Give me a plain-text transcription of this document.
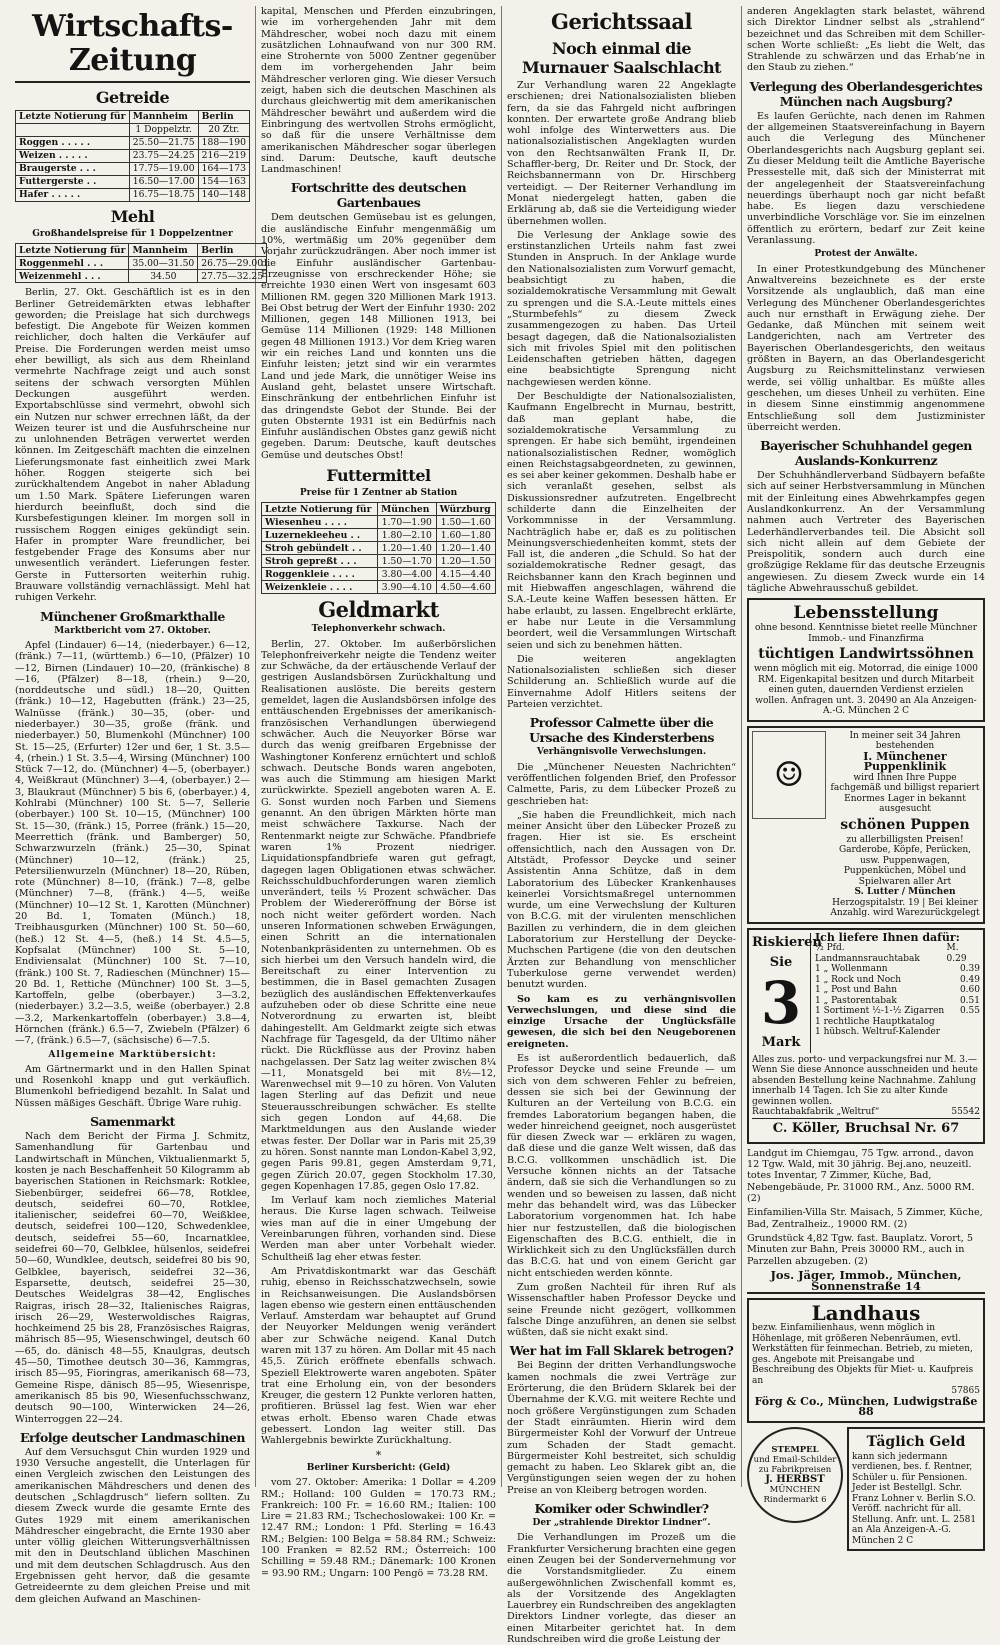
Wirtschafts-Zeitung
Getreide
Letzte Notierung für	Mannheim	Berlin
	1 Doppelztr.	20 Ztr.
Roggen . . . . .	25.50—21.75	188—190
Weizen . . . . .	23.75—24.25	216—219
Braugerste . . .	17.75—19.00	164—173
Futtergerste . .	16.50—17.00	154—163
Hafer . . . . .	16.75—18.75	140—148
Mehl
Großhandelspreise für 1 Doppelzentner
Letzte Notierung für	Mannheim	Berlin
Roggenmehl . . .	35.00—31.50	26.75—29.00
Weizenmehl . . .	34.50	27.75—32.25

Berlin, 27. Okt. Geschäftlich ist es in den Berliner Getreidemärkten etwas lebhafter geworden; die Preislage hat sich durchwegs befestigt. Die Angebote für Weizen kommen reichlicher, doch halten die Verkäufer auf Preise. Die Forderungen werden meist umso eher bewilligt, als sich aus dem Rheinland vermehrte Nachfrage zeigt und auch sonst seitens der schwach versorgten Mühlen Deckungen ausgeführt werden. Exportabschlüsse sind vermehrt, obwohl sich ein Nutzen nur schwer errechnen läßt, da der Weizen teurer ist und die Ausfuhrscheine nur zu unlohnenden Beträgen verwertet werden können. Im Zeitgeschäft machten die einzelnen Lieferungsmonate fast einheitlich zwei Mark höher. Roggen steigerte sich bei zurückhaltendem Angebot in naher Abladung um 1.50 Mark. Spätere Lieferungen waren hierdurch beeinflußt, doch sind die Kursbefestigungen kleiner. Im morgen soll in russischem Roggen einiges gekündigt sein. Hafer in prompter Ware freundlicher, bei festgebender Frage des Konsums aber nur unwesentlich verändert. Lieferungen fester. Gerste in Futtersorten weiterhin ruhig. Brauware vollständig vernachlässigt. Mehl hat ruhigen Verkehr.

Münchener Großmarkthalle
Marktbericht vom 27. Oktober.

Apfel (Lindauer) 6—14, (niederbayer.) 6—12, (fränk.) 7—11, (württemb.) 6—10, (Pfälzer) 10—12, Birnen (Lindauer) 10—20, (fränkische) 8—16, (Pfälzer) 8—18, (rhein.) 9—20, (norddeutsche und südl.) 18—20, Quitten (fränk.) 10—12, Hagebutten (fränk.) 23—25, Walnüsse (fränk.) 30—35, (ober- und niederbayer.) 30—35, große (fränk. und niederbayer.) 50, Blumenkohl (Münchner) 100 St. 15—25, (Erfurter) 12er und 6er, 1 St. 3.5—4, (rhein.) 1 St. 3.5—4, Wirsing (Münchner) 100 Stück 7—12, do. (Münchner) 4—5, (oberbayer.) 4, Weißkraut (Münchner) 3—4, (oberbayer.) 2—3, Blaukraut (Münchner) 5 bis 6, (oberbayer.) 4, Kohlrabi (Münchner) 100 St. 5—7, Sellerie (oberbayer.) 100 St. 10—15, (Münchner) 100 St. 15—30, (fränk.) 15, Porree (fränk.) 15—20, Meerrettich (fränk. und Bamberger) 50, Schwarzwurzeln (fränk.) 25—30, Spinat (Münchner) 10—12, (fränk.) 25, Petersilienwurzeln (Münchner) 18—20, Rüben, rote (Münchner) 8—10, (fränk.) 7—8, gelbe (Münchner) 7—8, (fränk.) 4—5, weiße (Münchner) 10—12 St. 1, Karotten (Münchner) 20 Bd. 1, Tomaten (Münch.) 18, Treibhausgurken (Münchner) 100 St. 50—60, (heß.) 12 St. 4—5, (heß.) 14 St. 4.5—5, Kopfsalat (Münchner) 100 St. 5—10, Endiviensalat (Münchner) 100 St. 7—10, (fränk.) 100 St. 7, Radieschen (Münchner) 15—20 Bd. 1, Rettiche (Münchner) 100 St. 3—5, Kartoffeln, gelbe (oberbayer.) 3—3.2, (niederbayer.) 3.2—3.5, weiße (oberbayer.) 2.8—3.2, Markenkartoffeln (oberbayer.) 3.8—4, Hörnchen (fränk.) 6.5—7, Zwiebeln (Pfälzer) 6—7, (fränk.) 6.5—7, (sächsische) 6—7.5.

Allgemeine Marktübersicht:

Am Gärtnermarkt und in den Hallen Spinat und Rosenkohl knapp und gut verkäuflich. Blumenkohl befriedigend bezahlt. In Salat und Nüssen mäßiges Geschäft. Übrige Ware ruhig.

Samenmarkt

Nach dem Bericht der Firma J. Schmitz, Samenhandlung für Gartenbau und Landwirtschaft in München, Viktualienmarkt 5, kosten je nach Beschaffenheit 50 Kilogramm ab bayerischen Stationen in Reichsmark: Rotklee, Siebenbürger, seidefrei 66—78, Rotklee, deutsch, seidefrei 60—70, Rotklee, italienischer, seidefrei 60—70, Weißklee, deutsch, seidefrei 100—120, Schwedenklee, deutsch, seidefrei 55—60, Incarnatklee, seidefrei 60—70, Gelbklee, hülsenlos, seidefrei 50—60, Wundklee, deutsch, seidefrei 80 bis 90, Gelbklee, bayerisch, seidefrei 32—36, Esparsette, deutsch, seidefrei 25—30, Deutsches Weidelgras 38—42, Englisches Raigras, irisch 28—32, Italienisches Raigras, irisch 26—29, Westerwoldisches Raigras, hochkeimend 25 bis 28, Französisches Raigras, mährisch 85—95, Wiesenschwingel, deutsch 60—65, do. dänisch 48—55, Knaulgras, deutsch 45—50, Timothee deutsch 30—36, Kammgras, irisch 85—95, Fioringras, amerikanisch 68—73, Gemeine Rispe, dänisch 85—95, Wiesenrispe, amerikanisch 85 bis 90, Wiesenfuchsschwanz, deutsch 90—100, Winterwicken 24—26, Winterroggen 22—24.

Erfolge deutscher Landmaschinen

Auf dem Versuchsgut Chin wurden 1929 und 1930 Versuche angestellt, die Unterlagen für einen Vergleich zwischen den Leistungen des amerikanischen Mähdreschers und denen des deutschen „Schlagdrusch“ liefern sollten. Zu diesem Zweck wurde die gesamte Ernte des Gutes 1929 mit einem amerikanischen Mähdrescher eingebracht, die Ernte 1930 aber unter völlig gleichen Witterungsverhältnissen mit den in Deutschland üblichen Maschinen und mit dem deutschen Schlagdrusch. Aus den Ergebnissen geht hervor, daß die gesamte Getreideernte zu dem gleichen Preise und mit dem gleichen Aufwand an Maschinen-

kapital, Menschen und Pferden einzubringen, wie im vorhergehenden Jahr mit dem Mähdrescher, wobei noch dazu mit einem zusätzlichen Lohnaufwand von nur 300 RM. eine Strohernte von 5000 Zentner gegenüber dem im vorhergehenden Jahr beim Mähdrescher verloren ging. Wie dieser Versuch zeigt, haben sich die deutschen Maschinen als durchaus gleichwertig mit dem amerikanischen Mähdrescher bewährt und außerdem wird die Einbringung des wertvollen Strohs ermöglicht, so daß für die unsere Verhältnisse dem amerikanischen Mähdrescher sogar überlegen sind. Darum: Deutsche, kauft deutsche Landmaschinen!

Fortschritte des deutschen Gartenbaues

Dem deutschen Gemüsebau ist es gelungen, die ausländische Einfuhr mengenmäßig um 10%, wertmäßig um 20% gegenüber dem Vorjahr zurückzudrängen. Aber noch immer ist die Einfuhr ausländischer Gartenbau-Erzeugnisse von erschreckender Höhe; sie erreichte 1930 einen Wert von insgesamt 603 Millionen RM. gegen 320 Millionen Mark 1913. Bei Obst betrug der Wert der Einfuhr 1930: 202 Millionen, gegen 148 Millionen 1913, bei Gemüse 114 Millionen (1929: 148 Millionen gegen 48 Millionen 1913.) Vor dem Krieg waren wir ein reiches Land und konnten uns die Einfuhr leisten; jetzt sind wir ein verarmtes Land und jede Mark, die unnötiger Weise ins Ausland geht, belastet unsere Wirtschaft. Einschränkung der entbehrlichen Einfuhr ist das dringendste Gebot der Stunde. Bei der guten Obsternte 1931 ist ein Bedürfnis nach Einfuhr ausländischen Obstes ganz gewiß nicht gegeben. Darum: Deutsche, kauft deutsches Gemüse und deutsches Obst!

Futtermittel
Preise für 1 Zentner ab Station
Letzte Notierung für	München	Würzburg
Wiesenheu . . . .	1.70—1.90	1.50—1.60
Luzerneklееheu . .	1.80—2.10	1.60—1.80
Stroh gebündelt . .	1.20—1.40	1.20—1.40
Stroh gepreßt . . .	1.50—1.70	1.20—1.50
Roggenkleie . . . .	3.80—4.00	4.15—4.40
Weizenkleie . . . .	3.90—4.10	4.50—4.60
Geldmarkt
Telephonverkehr schwach.

Berlin, 27. Oktober. Im außerbörslichen Telephonfreiverkehr neigte die Tendenz weiter zur Schwäche, da der ertäuschende Verlauf der gestrigen Auslandsbörsen Zurückhaltung und Realisationen auslöste. Die bereits gestern gemeldet, lagen die Auslandsbörsen infolge des enttäuschenden Ergebnisses der amerikanisch-französischen Verhandlungen überwiegend schwächer. Auch die Neuyorker Börse war durch das wenig greifbaren Ergebnisse der Washingtoner Konferenz ernüchtert und schloß schwach. Deutsche Bonds waren angeboten, was auch die Stimmung am hiesigen Markt zurückwirkte. Speziell angeboten waren A. E. G. Sonst wurden noch Farben und Siemens genannt. An den übrigen Märkten hörte man meist schwächere Taxkurse. Nach der Rentenmarkt neigte zur Schwäche. Pfandbriefe waren 1% Prozent niedriger. Liquidationspfandbriefe waren gut gefragt, dagegen lagen Obligationen etwas schwächer. Reichsschuldbuchforderungen waren ziemlich unverändert, teils ½ Prozent schwächer. Das Problem der Wiedereröffnung der Börse ist noch nicht weiter gefördert worden. Nach unseren Informationen schweben Erwägungen, einen Schritt an die internationalen Notenbankpräsidenten zu unternehmen. Ob es sich hierbei um den Versuch handeln wird, die Bereitschaft zu einer Intervention zu bestimmen, die in Basel gemachten Zusagen bezüglich des ausländischen Effektenverkaufes aufzuheben oder ob diese Schritte eine neue Notverordnung zu erwarten ist, bleibt dahingestellt. Am Geldmarkt zeigte sich etwas Nachfrage für Tagesgeld, da der Ultimo näher rückt. Die Rückflüsse aus der Provinz haben nachgelassen. Der Satz lag weiter zwischen 8¼—11, Monatsgeld bei mit 8½—12, Warenwechsel mit 9—10 zu hören. Von Valuten lagen Sterling auf das Defizit und neue Steuerausschreibungen schwächer. Es stellte sich gegen London auf 44,68. Die Marktmeldungen aus den Auslande wieder etwas fester. Der Dollar war in Paris mit 25,39 zu hören. Sonst nannte man London-Kabel 3,92, gegen Paris 99.81, gegen Amsterdam 9,71, gegen Zürich 20.07, gegen Stockholm 17.30, gegen Kopenhagen 17.85, gegen Oslo 17.82.

Im Verlauf kam noch ziemliches Material heraus. Die Kurse lagen schwach. Teilweise wies man auf die in einer Umgebung der Vereinbarungen führen, vorhanden sind. Diese Werden man aber unter Vorbehalt wieder. Schultheiß lag eher etwas fester.

Am Privatdiskontmarkt war das Geschäft ruhig, ebenso in Reichsschatzwechseln, sowie in Reichsanweisungen. Die Auslandsbörsen lagen ebenso wie gestern einen enttäuschenden Verlauf. Amsterdam war behauptet auf Grund der Neuyorker Meldungen wenig verändert aber zur Schwäche neigend. Kanal Dutch waren mit 137 zu hören. Am Dollar mit 45 nach 45,5. Zürich eröffnete ebenfalls schwach. Speziell Elektrowerte waren angeboten. Später trat eine Erholung ein, von der besonders Kreuger, die gestern 12 Punkte verloren hatten, profitieren. Brüssel lag fest. Wien war eher etwas erholt. Ebenso waren Chade etwas gebessert. London lag weiter still. Das Wahlergebnis bewirkte Zurückhaltung.

*
Berliner Kursbericht: (Geld)

vom 27. Oktober: Amerika: 1 Dollar = 4.209 RM.; Holland: 100 Gulden = 170.73 RM.; Frankreich: 100 Fr. = 16.60 RM.; Italien: 100 Lire = 21.83 RM.; Tschechoslowakei: 100 Kr. = 12.47 RM.; London: 1 Pfd. Sterling = 16.43 RM.; Belgien: 100 Belga = 58.84 RM.; Schweiz: 100 Franken = 82.52 RM.; Österreich: 100 Schilling = 59.48 RM.; Dänemark: 100 Kronen = 93.90 RM.; Ungarn: 100 Pengö = 73.28 RM.

Gerichtssaal
Noch einmal die Murnauer Saalschlacht

Zur Verhandlung waren 22 Angeklagte erschienen; drei Nationalsozialisten blieben fern, da sie das Fahrgeld nicht aufbringen konnten. Der erwartete große Andrang blieb wohl infolge des Winterwetters aus. Die nationalsozialistischen Angeklagten wurden von den Rechtsanwälten Frank II, Dr. Schaffler-berg, Dr. Reiter und Dr. Stock, der Reichsbannermann von Dr. Hirschberg verteidigt. — Der Reiterner Verhandlung im Monat niedergelegt hatten, gaben die Erklärung ab, daß sie die Verteidigung wieder übernehmen wollen.

Die Verlesung der Anklage sowie des erstinstanzlichen Urteils nahm fast zwei Stunden in Anspruch. In der Anklage wurde den Nationalsozialisten zum Vorwurf gemacht, beabsichtigt zu haben, die sozialdemokratische Versammlung mit Gewalt zu sprengen und die S.A.-Leute mittels eines „Sturmbefehls“ zu diesem Zweck zusammengezogen zu haben. Das Urteil besagt dagegen, daß die Nationalsozialisten sich mit frivoles Spiel mit den politischen Leidenschaften getrieben hätten, dagegen eine beabsichtigte Sprengung nicht nachgewiesen werden könne.

Der Beschuldigte der Nationalsozialisten, Kaufmann Engelbrecht in Murnau, bestritt, daß man geplant habe, die sozialdemokratische Versammlung zu sprengen. Er habe sich bemüht, irgendeinen nationalsozialistischen Redner, womöglich einen Reichstagsabgeordneten, zu gewinnen, es sei aber keiner gekommen. Deshalb habe er sich veranlaßt gesehen, selbst als Diskussionsredner aufzutreten. Engelbrecht schilderte dann die Einzelheiten der Vorkommnisse in der Versammlung. Nachträglich habe er, daß es zu politischen Meinungsverschiedenheiten kommt, stets der Fall ist, die anderen „die Schuld. So hat der sozialdemokratische Redner gesagt, das Reichsbanner kann den Krach beginnen und mit Hiebwaffen angeschlagen, während die S.A.-Leute keine Waffen besessen hätten. Er habe erlaubt, zu lassen. Engelbrecht erklärte, er habe nur Leute in die Versammlung beordert, weil die Versammlungen Wirtschaft seien und sich zu benehmen hätten.

Die weiteren angeklagten Nationalsozialisten schließen sich dieser Schilderung an. Schließlich wurde auf die Einvernahme Adolf Hitlers seitens der Parteien verzichtet.

Professor Calmette über die Ursache des Kindersterbens
Verhängnisvolle Verwechslungen.

Die „Münchener Neuesten Nachrichten“ veröffentlichen folgenden Brief, den Professor Calmette, Paris, zu dem Lübecker Prozeß zu geschrieben hat:

„Sie haben die Freundlichkeit, mich nach meiner Ansicht über den Lübecker Prozeß zu fragen. Hier ist sie. Es erscheint offensichtlich, nach den Aussagen von Dr. Altstädt, Professor Deycke und seiner Assistentin Anna Schütze, daß in dem Laboratorium des Lübecker Krankenhauses keinerlei Vorsichtsmaßregel unternommen wurde, um eine Verwechslung der Kulturen von B.C.G. mit der virulenten menschlichen Bazillen zu verhindern, die in dem gleichen Laboratorium zur Herstellung der Deycke-Muchschen Partigene (die von den deutschen Ärzten zur Behandlung von menschlicher Tuberkulose gerne verwendet werden) benutzt wurden.

So kam es zu verhängnisvollen Verwechslungen, und diese sind die einzige Ursache der Unglücksfälle gewesen, die sich bei den Neugeborenen ereigneten.

Es ist außerordentlich bedauerlich, daß Professor Deycke und seine Freunde — um sich von dem schweren Fehler zu befreien, dessen sie sich bei der Gewinnung der Kulturen an der Verteilung von B.C.G. ein fremdes Laboratorium begangen haben, die weder hinreichend geeignet, noch ausgerüstet für diesen Zweck war — erklären zu wagen, daß diese und die ganze Welt wissen, daß das B.C.G. vollkommen unschädlich ist. Die Versuche können nichts an der Tatsache ändern, daß sie sich die Verhandlungen so zu wenden und so beweisen zu lassen, daß nicht mehr das behandelt wird, was das Lübecker Laboratorium vorgenommen hat. Ich habe hier nur festzustellen, daß die biologischen Eigenschaften des B.C.G. enthielt, die in Wirklichkeit sich zu den Unglücksfällen durch das B.C.G. hat und von einem Gericht gar nicht entschieden werden könnte.

Zum großen Nachteil für ihren Ruf als Wissenschaftler haben Professor Deycke und seine Freunde nicht gezögert, vollkommen falsche Dinge anzuführen, an denen sie selbst wüßten, daß sie nicht exakt sind.

Wer hat im Fall Sklarek betrogen?

Bei Beginn der dritten Verhandlungswoche kamen nochmals die zwei Verträge zur Erörterung, die den Brüdern Sklarek bei der Übernahme der K.V.G. mit weitere Rechte und noch größere Vergünstigungen zum Schaden der Stadt einräumten. Hierin wird dem Bürgermeister Kohl der Vorwurf der Untreue zum Schaden der Stadt gemacht. Bürgermeister Kohl bestreitet, sich schuldig gemacht zu haben. Leo Sklarek gibt an, die Vergünstigungen seien wegen der zu hohen Preise an von Kleiberg betrogen worden.

Komiker oder Schwindler?
Der „strahlende Direktor Lindner“.

Die Verhandlungen im Prozeß um die Frankfurter Versicherung brachten eine gegen einen Zeugen bei der Sondervernehmung vor die Vorstandsmitglieder. Zu einem außergewöhnlichen Zwischenfall kommt es, als der Vorsitzende des Angeklagten Lauerbrey ein Rundschreiben des angeklagten Direktors Lindner vorlegte, das dieser an einen Mitarbeiter gerichtet hat. In dem Rundschreiben wird die große Leistung der

anderen Angeklagten stark belastet, während sich Direktor Lindner selbst als „strahlend“ bezeichnet und das Schreiben mit dem Schiller-schen Worte schließt: „Es liebt die Welt, das Strahlende zu schwärzen und das Erhab’ne in den Staub zu ziehen.“

Verlegung des Oberlandesgerichtes München nach Augsburg?

Es laufen Gerüchte, nach denen im Rahmen der allgemeinen Staatsvereinfachung in Bayern auch die Verlegung des Münchener Oberlandesgerichts nach Augsburg geplant sei. Zu dieser Meldung teilt die Amtliche Bayerische Pressestelle mit, daß sich der Ministerrat mit der angelegenheit der Staatsvereinfachung neuerdings überhaupt noch gar nicht befaßt habe. Es liegen dazu verschiedene unverbindliche Vorschläge vor. Sie im einzelnen öffentlich zu erörtern, bedarf zur Zeit keine Veranlassung.

Protest der Anwälte.

In einer Protestkundgebung des Münchener Anwaltvereins bezeichnete es der erste Vorsitzende als unglaublich, daß man eine Verlegung des Münchener Oberlandesgerichtes auch nur ernsthaft in Erwägung ziehe. Der Gedanke, daß München mit seinem weit Landgerichten, nach am Vertreter des Bayerischen Oberlandesgerichts, den weitaus größten in Bayern, an das Oberlandesgericht Augsburg zu Reichsmittelinstanz verwiesen werde, sei völlig unhaltbar. Es müßte alles geschehen, um dieses Unheil zu verhüten. Eine in diesem Sinne einstimmig angenommene Entschließung soll dem Justizminister überreicht werden.

Bayerischer Schuhhandel gegen Auslands-Konkurrenz

Der Schuhhändlerverband Südbayern befaßte sich auf seiner Herbstversammlung in München mit der Einleitung eines Abwehrkampfes gegen Auslandkonkurrenz. An der Versammlung nahmen auch Vertreter des Bayerischen Lederhändlerverbandes teil. Die Absicht soll sich nicht allein auf dem Gebiete der Preispolitik, sondern auch durch eine großzügige Reklame für das deutsche Erzeugnis angewiesen. Zu diesem Zweck wurde ein 14 tägliche Abwehrausschuß gebildet.

Lebensstellung
ohne besond. Kenntnisse bietet reelle Münchner Immob.- und Finanzfirma
tüchtigen Landwirtssöhnen
wenn möglich mit eig. Motorrad, die einige 1000 RM. Eigenkapital besitzen und durch Mitarbeit einen guten, dauernden Verdienst erzielen wollen. Anfragen unt. 3. 20490 an Ala Anzeigen-A.-G. München 2 C
☺
In meiner seit 34 Jahren bestehenden
I. Münchener Puppenklinik
wird Ihnen Ihre Puppe fachgemäß und billigst repariert
Enormes Lager in bekannt ausgesucht
schönen Puppen
zu allerbilligsten Preisen! Garderobe, Köpfe, Perücken, usw. Puppenwagen, Puppenküchen, Möbel und Spielwaren aller Art
S. Lutter / München
Herzogspitalstr. 19 | Bei kleiner Anzahlg. wird Warezurückgelegt
Riskieren
Sie
3
Mark
Ich liefere Ihnen dafür:
½ Pfd. Landmannsrauchtabak
M. 0.29
1 „ Wollenmann	0.39
1 „ Rock und Noch	0.49
1 „ Post und Bahn	0.60
1 „ Pastorentabak	0.51
1 Sortiment ½-1-½ Zigarren 0.55
1 rechtliche Hauptkatalog
1 hübsch. Weltruf-Kalender
Alles zus. porto- und verpackungsfrei nur M. 3.— Wenn Sie diese Annonce ausschneiden und heute absenden Bestellung keine Nachnahme. Zahlung innerhalb 14 Tagen. Ich Sie zu alter Kunde gewinnen wollen.
Rauchtabakfabrik „Weltruf“	55542
C. Köller, Bruchsal Nr. 67

Landgut im Chiemgau, 75 Tgw. arrond., davon 12 Tgw. Wald, mit 30 jährig. Bej.ano, neuzeitl. totes Inventar, 7 Zimmer, Küche, Bad, Nebengebäude, Pr. 31000 RM., Anz. 5000 RM. (2)

Einfamilien-Villa Str. Maisach, 5 Zimmer, Küche, Bad, Zentralheiz., 19000 RM. (2)

Grundstück 4,82 Tgw. fast. Bauplatz. Vorort, 5 Minuten zur Bahn, Preis 30000 RM., auch in Parzellen abzugeben. (2)

Jos. Jäger, Immob., München, Sonnenstraße 14
Landhaus
bezw. Einfamilienhaus, wenn möglich in Höhenlage, mit größeren Nebenräumen, evtl. Werkstätten für feinmechan. Betrieb, zu mieten, ges. Angebote mit Preisangabe und Beschreibung des Objekts für Miet- u. Kaufpreis an
57865
Förg & Co., München, Ludwigstraße 88
STEMPEL
und Email-Schilder
zu Fabrikpreisen
J. HERBST
MÜNCHEN
Rindermarkt 6
Täglich Geld
kann sich jedermann verdienen, bes. f. Rentner, Schüler u. für Pensionen. Jeder ist Bestellgl. Schr. Franz Lohner v. Berlin S.O. Veröff. nachricht für all. Stellung. Anfr. unt. L. 2581 an Ala Anzeigen-A.-G. München 2 C
